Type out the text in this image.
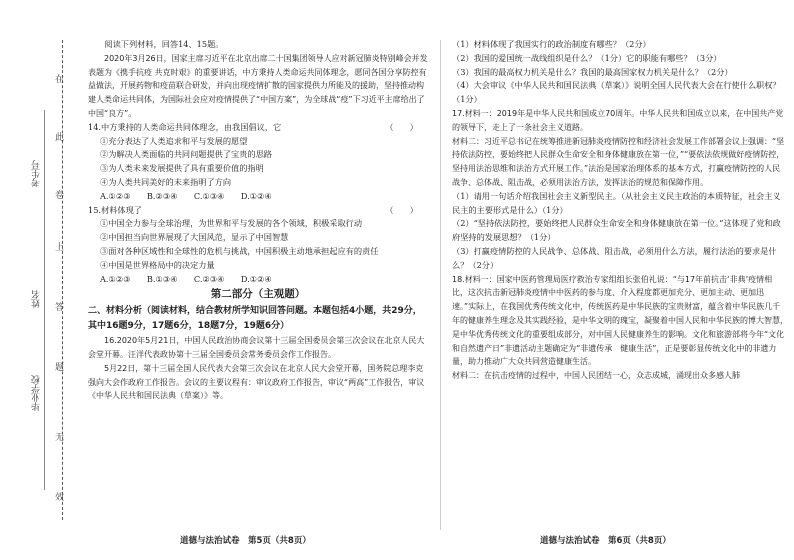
在
此
卷
上
答
题
无
效
考生号
姓名
毕业学校

阅读下列材料，回答14、15题。

2020年3月26日，国家主席习近平在北京出席二十国集团领导人应对新冠肺炎特别峰会并发表题为《携手抗疫 共克时艰》的重要讲话，中方秉持人类命运共同体理念，愿同各国分享防控有益做法，开展药物和疫苗联合研发，并向出现疫情扩散的国家提供力所能及的援助，坚持推动构建人类命运共同体，为国际社会应对疫情提供了“中国方案”，为全球战“疫”下习近平主席给出了中国“良方”。

14.中方秉持的人类命运共同体理念，由我国倡议，它	（　　）

①充分表达了人类追求和平与发展的愿望

②为解决人类面临的共同问题提供了宝贵的思路

③为人类未来发展提供了具有重要价值的指明

④为人类共同美好的未来指明了方向

A.①②③　　B.②③④　　C.①③④　　D.①②④

15.材料体现了	（　　）

①中国全力参与全球治理，为世界和平与发展的各个领域，积极采取行动

②中国担当向世界展现了大国风范，显示了中国智慧

③面对各种区域性和全球性的危机与挑战，中国积极主动地承担起应有的责任

④中国是世界格局中的决定力量

A.①②③　　B.①③④　　C.②③④　　D.①②④

第二部分（主观题）

二、材料分析（阅读材料，结合教材所学知识回答问题。本题包括4小题，共29分，其中16题9分，17题6分，18题7分，19题6分）

16.2020年5月21日，中国人民政治协商会议第十三届全国委员会第三次会议在北京人民大会堂开幕。汪洋代表政协第十三届全国委员会常务委员会作工作报告。

5月22日，第十三届全国人民代表大会第三次会议在北京人民大会堂开幕，国务院总理李克强向大会作政府工作报告。会议的主要议程有：审议政府工作报告，审议“两高”工作报告，审议《中华人民共和国民法典（草案）》等。

道德与法治试卷　第5页（共8页）

（1）材料体现了我国实行的政治制度有哪些？（2分）

（2）我国的爱国统一战线组织是什么？（1分）它的职能有哪些？（3分）

（3）我国的最高权力机关是什么？我国的最高国家权力机关是什么？（2分）

（4）大会审议《中华人民共和国民法典（草案）》说明全国人民代表大会在行使什么职权？（1分）

17.材料一：2019年是中华人民共和国成立70周年。中华人民共和国成立以来，在中国共产党的领导下，走上了一条社会主义道路。

材料二：习近平总书记在统筹推进新冠肺炎疫情防控和经济社会发展工作部署会议上强调：“坚持依法防控，要始终把人民群众生命安全和身体健康放在第一位，”“要依法依规做好疫情防控，坚持用法治思维和法治方式开展工作。”法治是国家治理体系的基本方式，打赢疫情防控的人民战争、总体战、阻击战，必须用法治方法，发挥法治的规范和保障作用。

（1）请用一句话介绍我国社会主义新型民主。（从社会主义民主政治的本质特征，社会主义民主的主要形式是什么）（1分）

（2）“坚持依法防控，要始终把人民群众生命安全和身体健康放在第一位。”这体现了党和政府坚持的发展思想？（1分）

（3）打赢疫情防控的人民战争、总体战、阻击战，必须用什么方法，履行法治的要求是什么？（2分）

18.材料一：国家中医药管理局医疗救治专家组组长张伯礼说：“与17年前抗击‘非典’疫情相比，这次抗击新冠肺炎疫情中中医药的参与度、介入程度都更加充分、更加主动、更加迅速。”实际上，在我国优秀传统文化中，传统医药是中华民族的宝贵财富，蕴含着中华民族几千年的健康养生理念及其实践经验，是中华文明的瑰宝，凝聚着中国人民和中华民族的博大智慧，是中华优秀传统文化的重要组成部分，对中国人民健康养生的影响。文化和旅游部将今年“文化和自然遗产日”非遗活动主题确定为“非遗传承　健康生活”，正是要彰显传统文化中的非遗力量，助力推动广大众共同营造健康生活。

材料二：在抗击疫情的过程中，中国人民团结一心，众志成城，涌现出众多感人肺

道德与法治试卷　第6页（共8页）
